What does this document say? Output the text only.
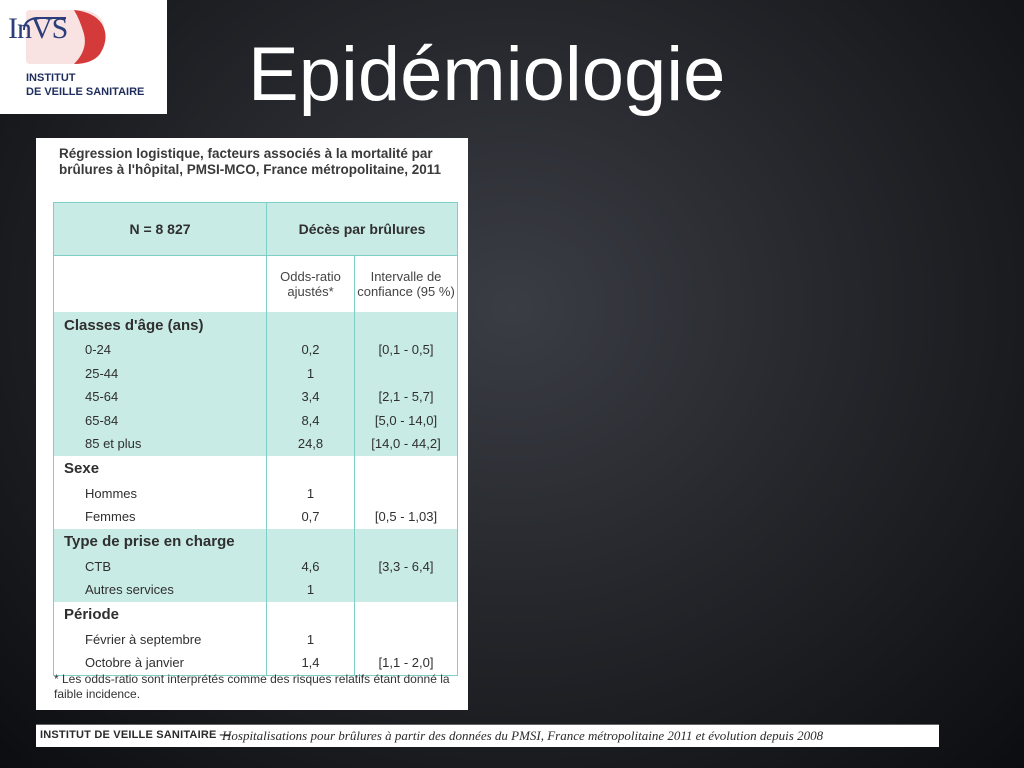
InVS
INSTITUT
DE VEILLE SANITAIRE Epidémiologie

Régression logistique, facteurs associés à la mortalité par brûlures à l'hôpital, PMSI-MCO, France métropolitaine, 2011

N = 8 827	Décès par brûlures	
	Odds-ratio ajustés*	Intervalle de confiance (95 %)
Classes d'âge (ans)		
0-24	0,2	[0,1 - 0,5]
25-44	1	
45-64	3,4	[2,1 - 5,7]
65-84	8,4	[5,0 - 14,0]
85 et plus	24,8	[14,0 - 44,2]
Sexe		
Hommes	1	
Femmes	0,7	[0,5 - 1,03]
Type de prise en charge		
CTB	4,6	[3,3 - 6,4]
Autres services	1	
Période		
Février à septembre	1	
Octobre à janvier	1,4	[1,1 - 2,0]

* Les odds-ratio sont interprétés comme des risques relatifs étant donné la faible incidence.

INSTITUT DE VEILLE SANITAIRE —
Hospitalisations pour brûlures à partir des données du PMSI, France métropolitaine 2011 et évolution depuis 2008
